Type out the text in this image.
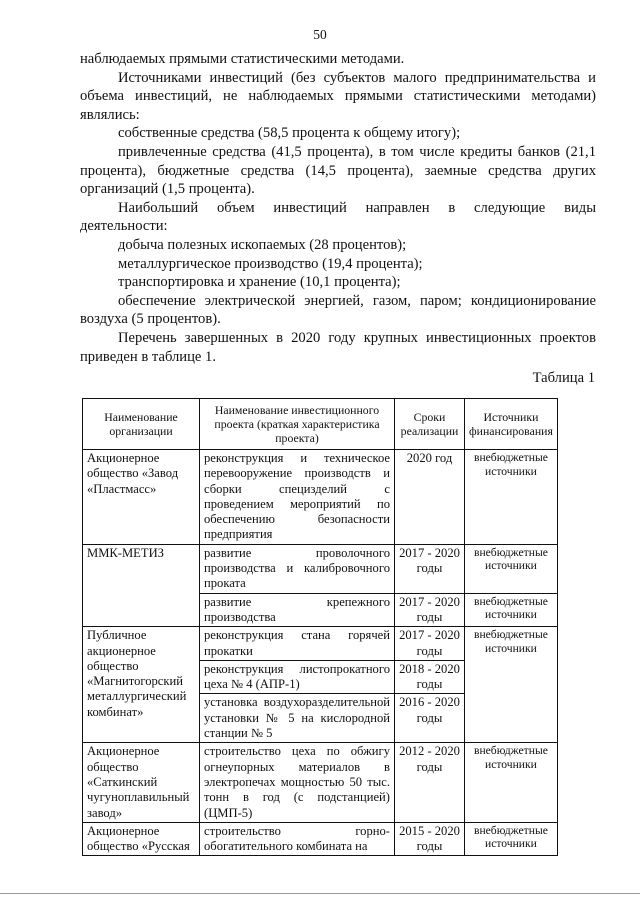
50

наблюдаемых прямыми статистическими методами.

Источниками инвестиций (без субъектов малого предпринимательства и объема инвестиций, не наблюдаемых прямыми статистическими методами) являлись:

собственные средства (58,5 процента к общему итогу);

привлеченные средства (41,5 процента), в том числе кредиты банков (21,1 процента), бюджетные средства (14,5 процента), заемные средства других организаций (1,5 процента).

Наибольший объем инвестиций направлен в следующие виды деятельности:

добыча полезных ископаемых (28 процентов);

металлургическое производство (19,4 процента);

транспортировка и хранение (10,1 процента);

обеспечение электрической энергией, газом, паром; кондиционирование воздуха (5 процентов).

Перечень завершенных в 2020 году крупных инвестиционных проектов приведен в таблице 1.

Таблица 1
Наименование организации	Наименование инвестиционного проекта (краткая характеристика проекта)	Сроки реализации	Источники финансирования
Акционерное общество «Завод «Пластмасс»	реконструкция и техническое перевооружение производств и сборки специзделий с проведением мероприятий по обеспечению безопасности предприятия	2020 год	внебюджетные источники
ММК-МЕТИЗ	развитие проволочного производства и калибровочного проката	2017 - 2020 годы	внебюджетные источники
	развитие крепежного производства	2017 - 2020 годы	внебюджетные источники
Публичное акционерное общество «Магнитогорский металлургический комбинат»	реконструкция стана горячей прокатки	2017 - 2020 годы	внебюджетные источники
	реконструкция листопрокатного цеха № 4 (АПР-1)	2018 - 2020 годы	
	установка воздухоразделительной установки № 5 на кислородной станции № 5	2016 - 2020 годы	
Акционерное общество «Саткинский чугуноплавильный завод»	строительство цеха по обжигу огнеупорных материалов в электропечах мощностью 50 тыс. тонн в год (с подстанцией) (ЦМП-5)	2012 - 2020 годы	внебюджетные источники
Акционерное общество «Русская	строительство горно-обогатительного комбината на	2015 - 2020 годы	внебюджетные источники
